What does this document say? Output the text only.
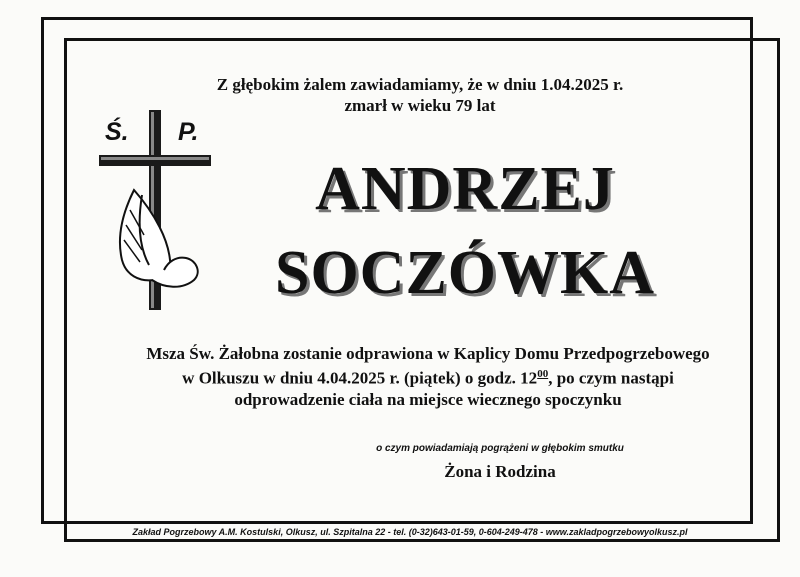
Z głębokim żalem zawiadamiamy, że w dniu 1.04.2025 r.
zmarł w wieku 79 lat
Ś. P.
ANDRZEJ
SOCZÓWKA
Msza Św. Żałobna zostanie odprawiona w Kaplicy Domu Przedpogrzebowego
w Olkuszu w dniu 4.04.2025 r. (piątek) o godz. $12^{00}$, po czym nastąpi
odprowadzenie ciała na miejsce wiecznego spoczynku
o czym powiadamiają pogrążeni w głębokim smutku
Żona i Rodzina
Zakład Pogrzebowy A.M. Kostulski, Olkusz, ul. Szpitalna 22 - tel. (0-32)643-01-59, 0-604-249-478 - www.zakladpogrzebowyolkusz.pl
